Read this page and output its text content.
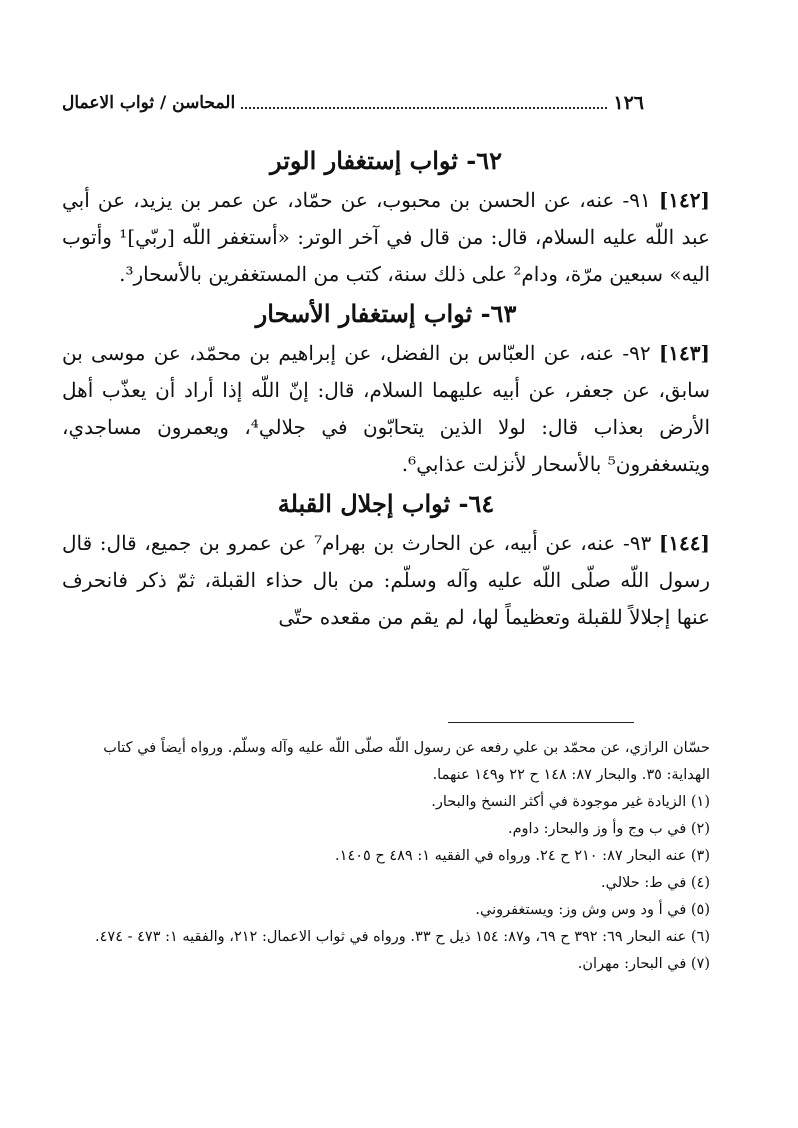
١٢٦
المحاسن / ثواب الاعمال
٦٢- ثواب إستغفار الوتر

[١٤٢] ٩١- عنه، عن الحسن بن محبوب، عن حمّاد، عن عمر بن يزيد، عن أبي عبد اللّه عليه السلام، قال: من قال في آخر الوتر: «أستغفر اللّه [ربّي]¹ وأتوب اليه» سبعين مرّة، ودام² على ذلك سنة، كتب من المستغفرين بالأسحار³.

٦٣- ثواب إستغفار الأسحار

[١٤٣] ٩٢- عنه، عن العبّاس بن الفضل، عن إبراهيم بن محمّد، عن موسى بن سابق، عن جعفر، عن أبيه عليهما السلام، قال: إنّ اللّه إذا أراد أن يعذّب أهل الأرض بعذاب قال: لولا الذين يتحابّون في جلالي⁴، ويعمرون مساجدي، ويتسغفرون⁵ بالأسحار لأنزلت عذابي⁶.

٦٤- ثواب إجلال القبلة

[١٤٤] ٩٣- عنه، عن أبيه، عن الحارث بن بهرام⁷ عن عمرو بن جميع، قال: قال رسول اللّه صلّى اللّه عليه وآله وسلّم: من بال حذاء القبلة، ثمّ ذكر فانحرف عنها إجلالاً للقبلة وتعظيماً لها، لم يقم من مقعده حتّى

حسّان الرازي، عن محمّد بن علي رفعه عن رسول اللّه صلّى اللّه عليه وآله وسلّم. ورواه أيضاً في كتاب الهداية: ٣٥. والبحار ٨٧: ١٤٨ ح ٢٢ و١٤٩ عنهما.

(١) الزيادة غير موجودة في أكثر النسخ والبحار.

(٢) في ب وج وأ وز والبحار: داوم.

(٣) عنه البحار ٨٧: ٢١٠ ح ٢٤. ورواه في الفقيه ١: ٤٨٩ ح ١٤٠٥.

(٤) في ط: حلالي.

(٥) في أ ود وس وش وز: ويستغفروني.

(٦) عنه البحار ٦٩: ٣٩٢ ح ٦٩، و٨٧: ١٥٤ ذيل ح ٣٣. ورواه في ثواب الاعمال: ٢١٢، والفقيه ١: ٤٧٣ - ٤٧٤.

(٧) في البحار: مهران.
